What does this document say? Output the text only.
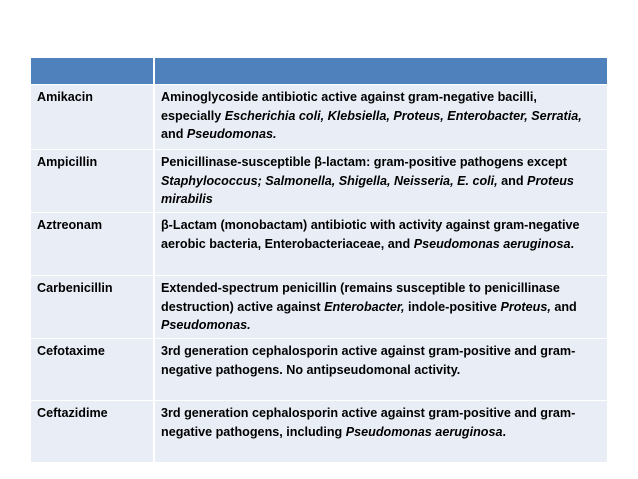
Amikacin	Aminoglycoside antibiotic active against gram-negative bacilli, especially Escherichia coli, Klebsiella, Proteus, Enterobacter, Serratia, and Pseudomonas.
Ampicillin	Penicillinase-susceptible β-lactam: gram-positive pathogens except Staphylococcus; Salmonella, Shigella, Neisseria, E. coli, and Proteus mirabilis
Aztreonam	β-Lactam (monobactam) antibiotic with activity against gram-negative aerobic bacteria, Enterobacteriaceae, and Pseudomonas aeruginosa.
Carbenicillin	Extended-spectrum penicillin (remains susceptible to penicillinase destruction) active against Enterobacter, indole-positive Proteus, and Pseudomonas.
Cefotaxime	3rd generation cephalosporin active against gram-positive and gram-negative pathogens. No antipseudomonal activity.
Ceftazidime	3rd generation cephalosporin active against gram-positive and gram-negative pathogens, including Pseudomonas aeruginosa.
